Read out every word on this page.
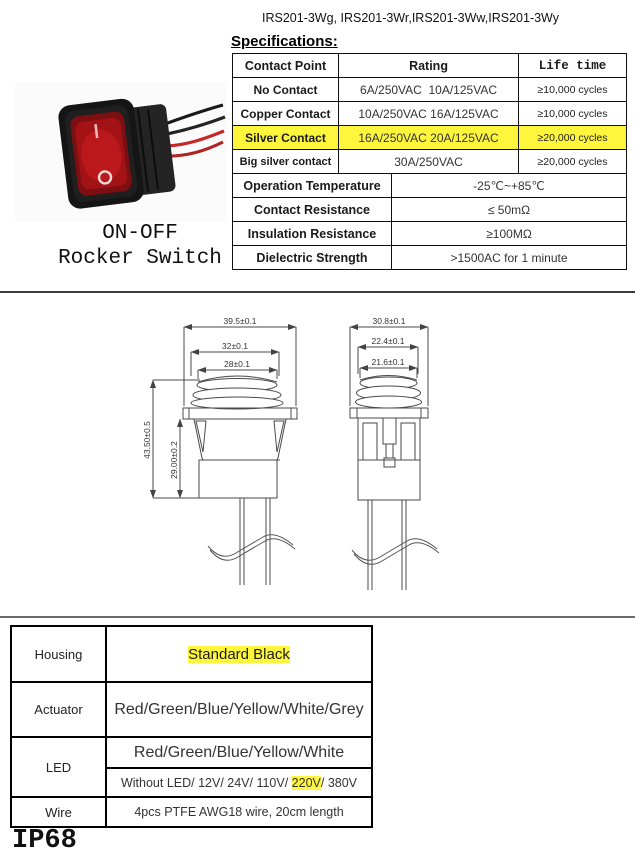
IRS201-3Wg, IRS201-3Wr,IRS201-3Ww,IRS201-3Wy
Specifications:
ON-OFF
Rocker Switch
Contact Point	Rating		Life time
No Contact	6A/250VAC  10A/125VAC		≥10,000 cycles
Copper Contact	10A/250VAC 16A/125VAC		≥10,000 cycles
Silver Contact	16A/250VAC 20A/125VAC		≥20,000 cycles
Big silver contact	30A/250VAC		≥20,000 cycles
Operation Temperature		-25℃~+85℃	
Contact Resistance		≤ 50mΩ	
Insulation Resistance		≥100MΩ	
Dielectric Strength		>1500AC for 1 minute	
39.5±0.1
32±0.1
28±0.1
43.50±0.5
29.00±0.2
30.8±0.1
22.4±0.1
21.6±0.1
Housing	Standard Black
Actuator	Red/Green/Blue/Yellow/White/Grey
LED	Red/Green/Blue/Yellow/White
	Without LED/ 12V/ 24V/ 110V/ 220V/ 380V
Wire	4pcs PTFE AWG18 wire, 20cm length
IP68
